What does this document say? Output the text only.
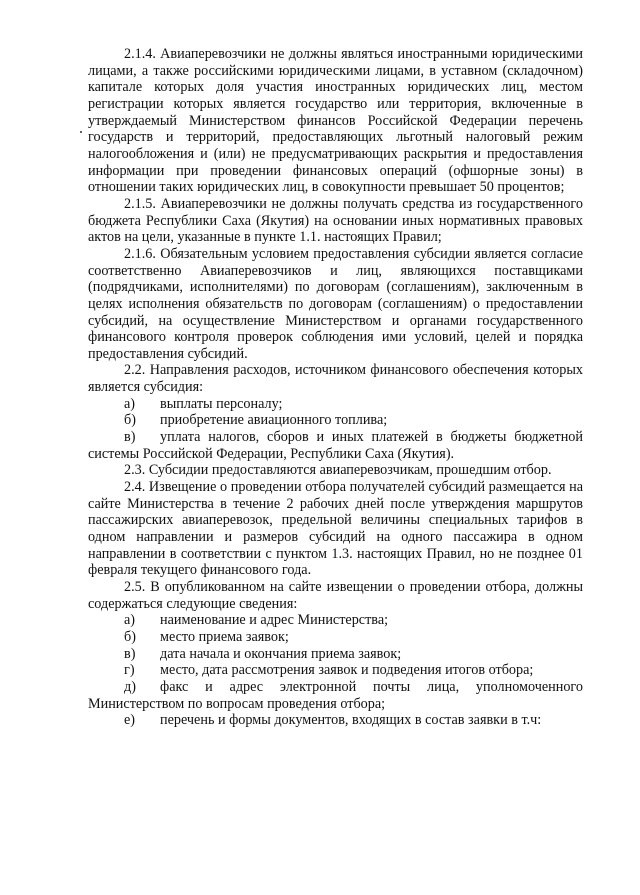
2.1.4. Авиаперевозчики не должны являться иностранными юридическими лицами, а также российскими юридическими лицами, в уставном (складочном) капитале которых доля участия иностранных юридических лиц, местом регистрации которых является государство или территория, включенные в утверждаемый Министерством финансов Российской Федерации перечень государств и территорий, предоставляющих льготный налоговый режим налогообложения и (или) не предусматривающих раскрытия и предоставления информации при проведении финансовых операций (офшорные зоны) в отношении таких юридических лиц, в совокупности превышает 50 процентов;

2.1.5. Авиаперевозчики не должны получать средства из государственного бюджета Республики Саха (Якутия) на основании иных нормативных правовых актов на цели, указанные в пункте 1.1. настоящих Правил;

2.1.6. Обязательным условием предоставления субсидии является согласие соответственно Авиаперевозчиков и лиц, являющихся поставщиками (подрядчиками, исполнителями) по договорам (соглашениям), заключенным в целях исполнения обязательств по договорам (соглашениям) о предоставлении субсидий, на осуществление Министерством и органами государственного финансового контроля проверок соблюдения ими условий, целей и порядка предоставления субсидий.

2.2. Направления расходов, источником финансового обеспечения которых является субсидия:

а)	выплаты персоналу;
б)	приобретение авиационного топлива;

в) уплата налогов, сборов и иных платежей в бюджеты бюджетной системы Российской Федерации, Республики Саха (Якутия).

2.3. Субсидии предоставляются авиаперевозчикам, прошедшим отбор.

2.4. Извещение о проведении отбора получателей субсидий размещается на сайте Министерства в течение 2 рабочих дней после утверждения маршрутов пассажирских авиаперевозок, предельной величины специальных тарифов в одном направлении и размеров субсидий на одного пассажира в одном направлении в соответствии с пунктом 1.3. настоящих Правил, но не позднее 01 февраля текущего финансового года.

2.5. В опубликованном на сайте извещении о проведении отбора, должны содержаться следующие сведения:

а)	наименование и адрес Министерства;
б)	место приема заявок;
в)	дата начала и окончания приема заявок;
г)	место, дата рассмотрения заявок и подведения итогов отбора;

д) факс и адрес электронной почты лица, уполномоченного Министерством по вопросам проведения отбора;

е)	перечень и формы документов, входящих в состав заявки в т.ч:
